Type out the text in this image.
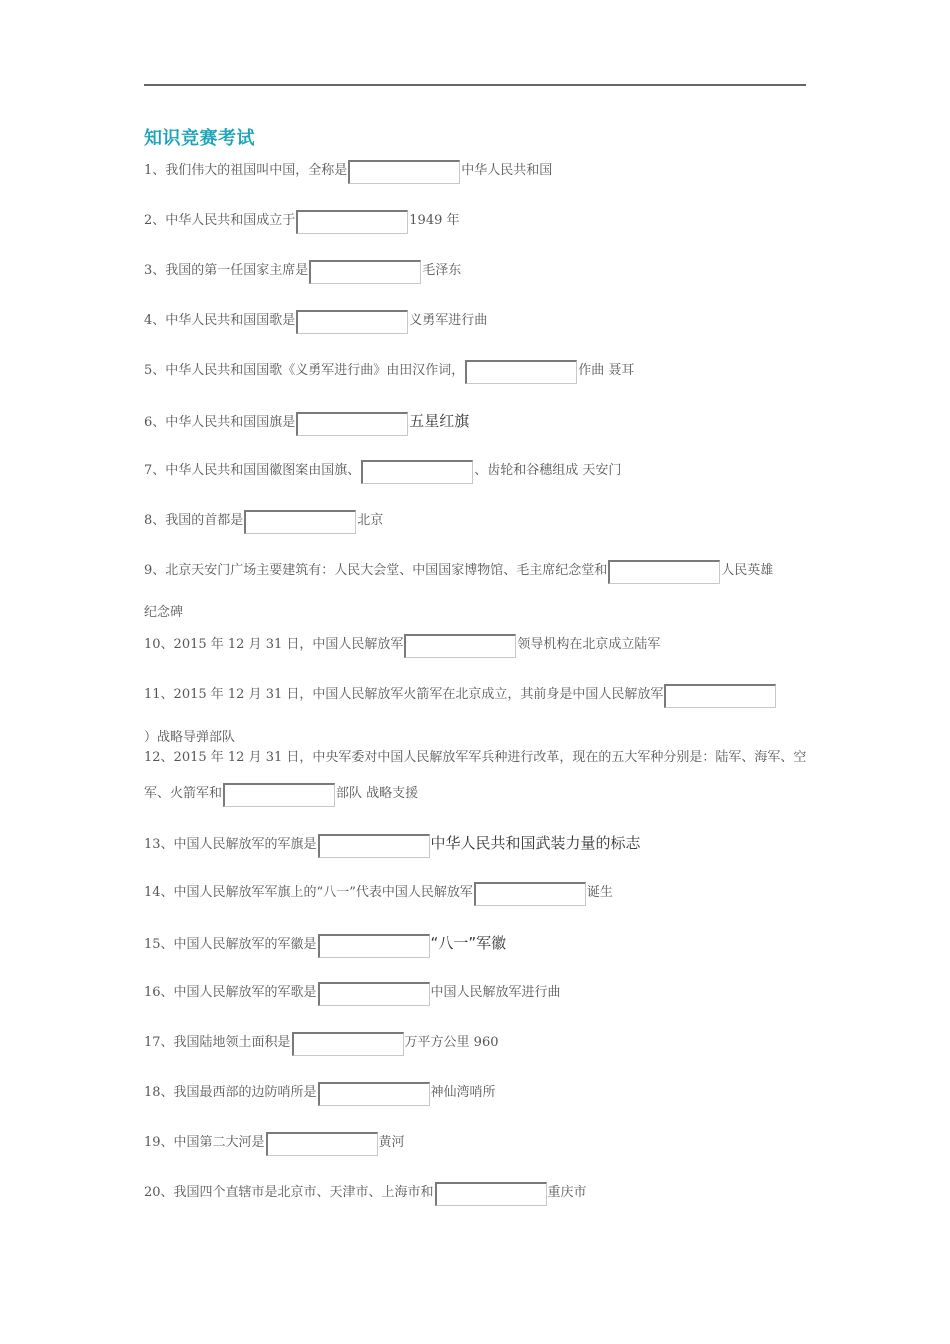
知识竞赛考试
1、我们伟大的祖国叫中国，全称是	中华人民共和国
2、中华人民共和国成立于	1949 年
3、我国的第一任国家主席是	毛泽东
4、中华人民共和国国歌是	义勇军进行曲
5、中华人民共和国国歌《义勇军进行曲》由田汉作词，	作曲 聂耳
6、中华人民共和国国旗是	五星红旗
7、中华人民共和国国徽图案由国旗、	、齿轮和谷穗组成 天安门
8、我国的首都是	北京
9、北京天安门广场主要建筑有：人民大会堂、中国国家博物馆、毛主席纪念堂和	人民英雄
纪念碑
10、2015 年 12 月 31 日，中国人民解放军	领导机构在北京成立陆军
11、2015 年 12 月 31 日，中国人民解放军火箭军在北京成立，其前身是中国人民解放军
）战略导弹部队
12、2015 年 12 月 31 日，中央军委对中国人民解放军军兵种进行改革，现在的五大军种分别是：陆军、海军、空军、火箭军和	部队 战略支援
13、中国人民解放军的军旗是	中华人民共和国武装力量的标志
14、中国人民解放军军旗上的“八一”代表中国人民解放军	诞生
15、中国人民解放军的军徽是	“八一”军徽
16、中国人民解放军的军歌是	中国人民解放军进行曲
17、我国陆地领土面积是	万平方公里 960
18、我国最西部的边防哨所是	神仙湾哨所
19、中国第二大河是	黄河
20、我国四个直辖市是北京市、天津市、上海市和	重庆市
